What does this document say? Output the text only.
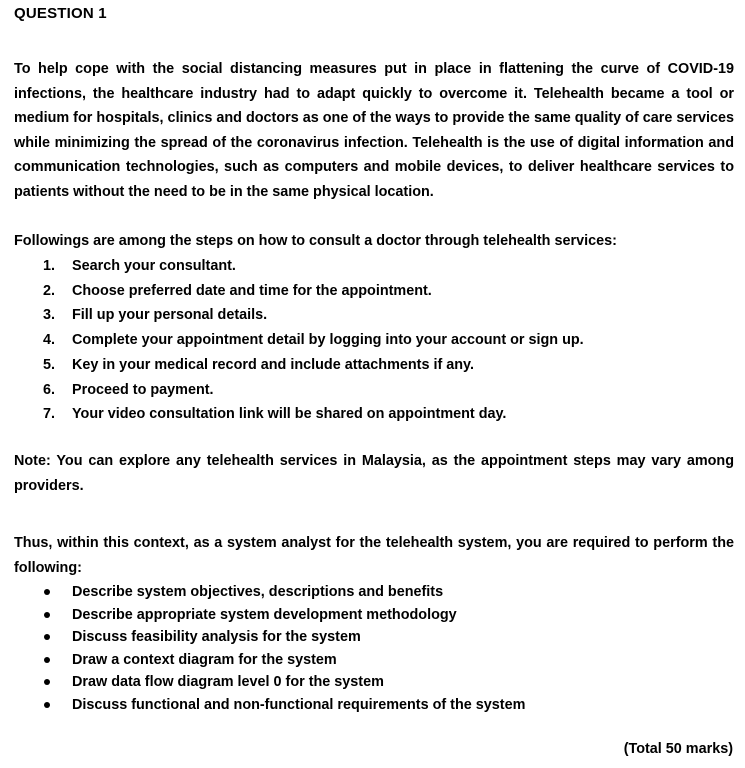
QUESTION 1

To help cope with the social distancing measures put in place in flattening the curve of COVID-19 infections, the healthcare industry had to adapt quickly to overcome it. Telehealth became a tool or medium for hospitals, clinics and doctors as one of the ways to provide the same quality of care services while minimizing the spread of the coronavirus infection. Telehealth is the use of digital information and communication technologies, such as computers and mobile devices, to deliver healthcare services to patients without the need to be in the same physical location.

Followings are among the steps on how to consult a doctor through telehealth services:

1. Search your consultant.
2. Choose preferred date and time for the appointment.
3. Fill up your personal details.
4. Complete your appointment detail by logging into your account or sign up.
5. Key in your medical record and include attachments if any.
6. Proceed to payment.
7. Your video consultation link will be shared on appointment day.

Note: You can explore any telehealth services in Malaysia, as the appointment steps may vary among providers.

Thus, within this context, as a system analyst for the telehealth system, you are required to perform the following:

Describe system objectives, descriptions and benefits
Describe appropriate system development methodology
Discuss feasibility analysis for the system
Draw a context diagram for the system
Draw data flow diagram level 0 for the system
Discuss functional and non-functional requirements of the system
(Total 50 marks)
